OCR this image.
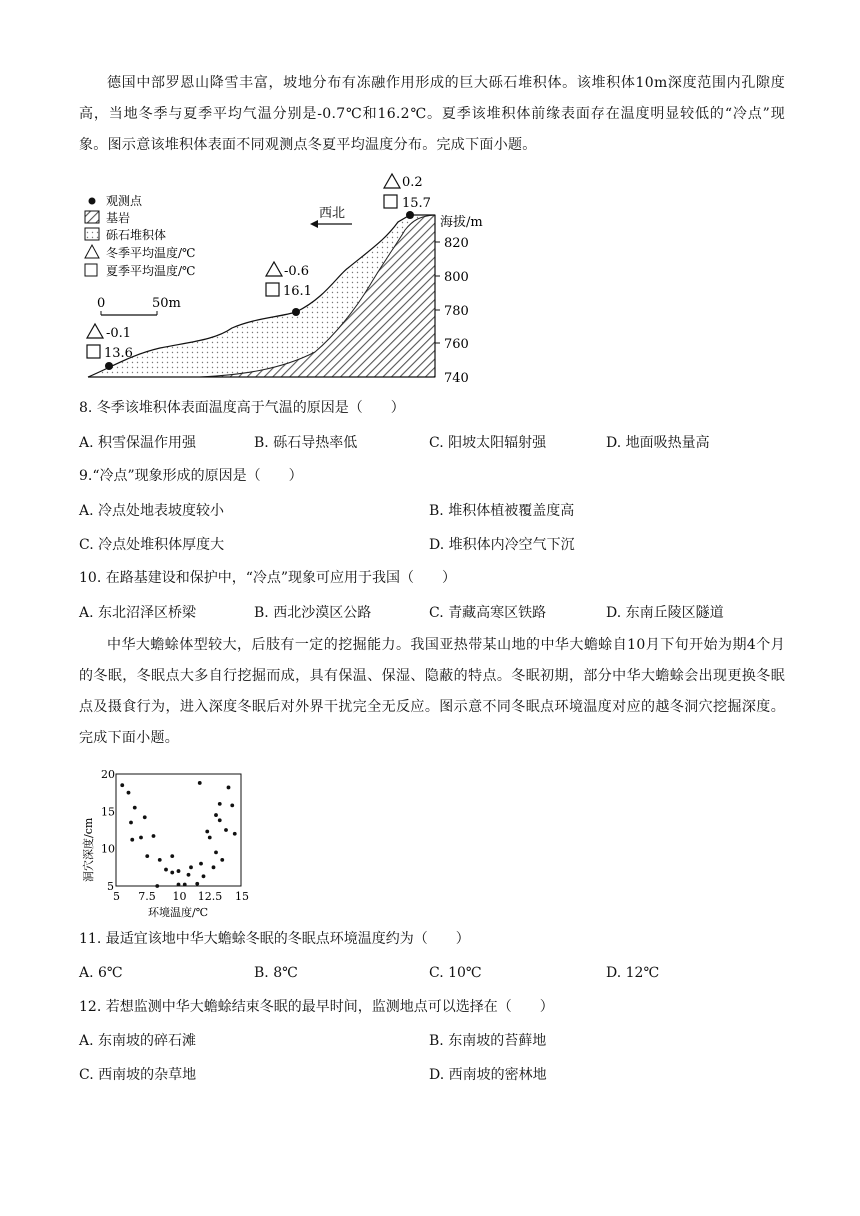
德国中部罗恩山降雪丰富，坡地分布有冻融作用形成的巨大砾石堆积体。该堆积体10m深度范围内孔隙度高，当地冬季与夏季平均气温分别是-0.7℃和16.2℃。夏季该堆积体前缘表面存在温度明显较低的“冷点”现象。图示意该堆积体表面不同观测点冬夏平均温度分布。完成下面小题。
海拔/m
820
800
780
760
740
-0.1
13.6
-0.6
16.1
0.2
15.7
西北
观测点
基岩
砾石堆积体
冬季平均温度/℃
夏季平均温度/℃
0	50m
8. 冬季该堆积体表面温度高于气温的原因是（　　）
A. 积雪保温作用强	B. 砾石导热率低	C. 阳坡太阳辐射强	D. 地面吸热量高
9.“冷点”现象形成的原因是（　　）
A. 冷点处地表坡度较小	B. 堆积体植被覆盖度高
C. 冷点处堆积体厚度大	D. 堆积体内冷空气下沉
10. 在路基建设和保护中，“冷点”现象可应用于我国（　　）
A. 东北沼泽区桥梁	B. 西北沙漠区公路	C. 青藏高寒区铁路	D. 东南丘陵区隧道
中华大蟾蜍体型较大，后肢有一定的挖掘能力。我国亚热带某山地的中华大蟾蜍自10月下旬开始为期4个月的冬眠，冬眠点大多自行挖掘而成，具有保温、保湿、隐蔽的特点。冬眠初期，部分中华大蟾蜍会出现更换冬眠点及摄食行为，进入深度冬眠后对外界干扰完全无反应。图示意不同冬眠点环境温度对应的越冬洞穴挖掘深度。完成下面小题。
5 7.5 10 12.5 15
20
15
10
5
环境温度/℃
洞穴深度/cm
11. 最适宜该地中华大蟾蜍冬眠的冬眠点环境温度约为（　　）
A. 6℃	B. 8℃	C. 10℃	D. 12℃
12. 若想监测中华大蟾蜍结束冬眠的最早时间，监测地点可以选择在（　　）
A. 东南坡的碎石滩	B. 东南坡的苔藓地
C. 西南坡的杂草地	D. 西南坡的密林地
